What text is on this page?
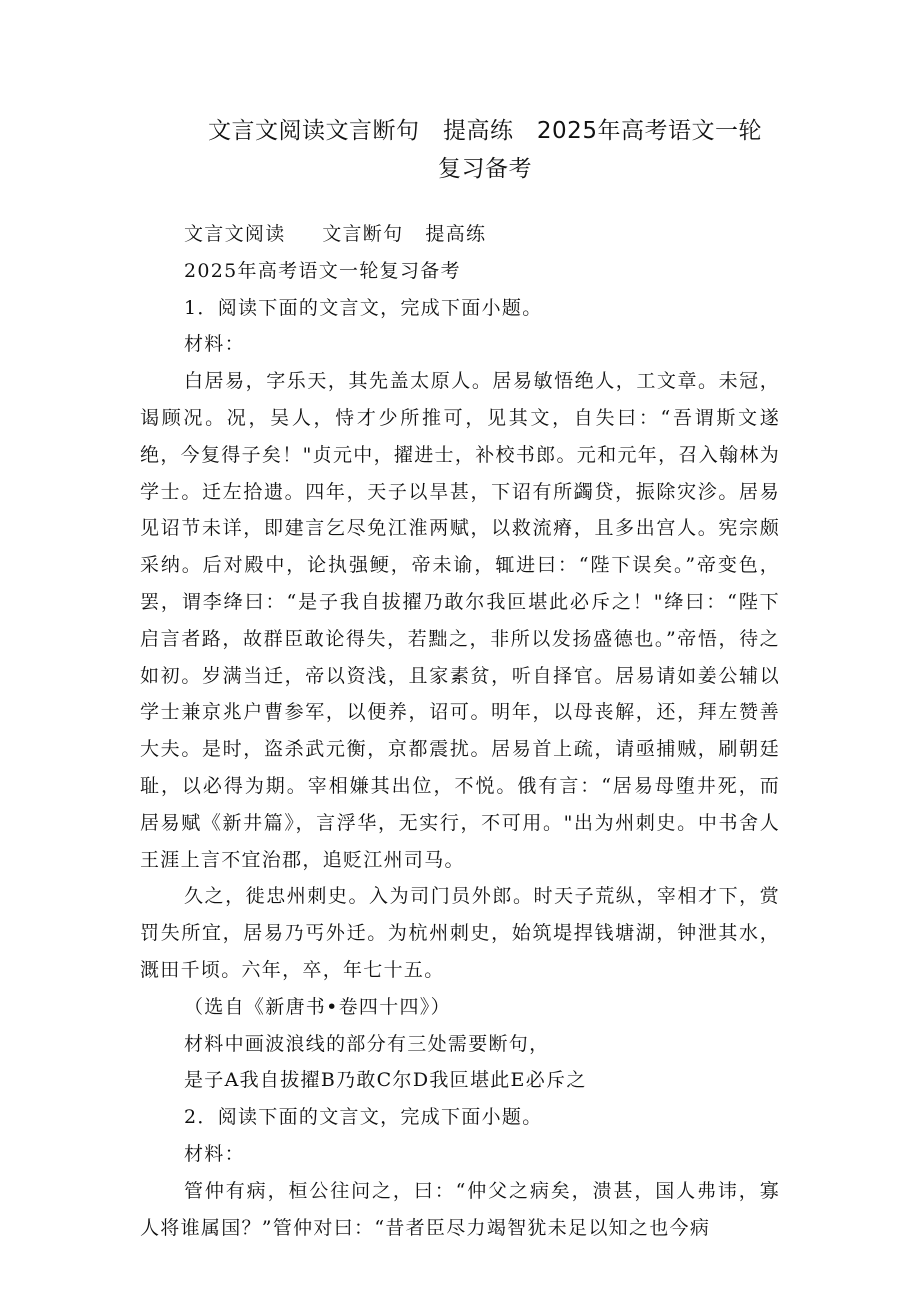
文言文阅读文言断句   提高练   2025年高考语文一轮
复习备考

文言文阅读     文言断句   提高练

2025年高考语文一轮复习备考

1．阅读下面的文言文，完成下面小题。

材料：

白居易，字乐天，其先盖太原人。居易敏悟绝人，工文章。未冠，谒顾况。况，吴人，恃才少所推可，见其文，自失曰：“吾谓斯文遂绝，今复得子矣！"贞元中，擢进士，补校书郎。元和元年，召入翰林为学士。迁左拾遗。四年，天子以旱甚，下诏有所蠲贷，振除灾沴。居易见诏节未详，即建言乞尽免江淮两赋，以救流瘠，且多出宫人。宪宗颇采纳。后对殿中，论执强鲠，帝未谕，辄进曰：“陛下误矣。”帝变色，罢，谓李绛曰：“是子我自拔擢乃敢尔我叵堪此必斥之！"绛曰：“陛下启言者路，故群臣敢论得失，若黜之，非所以发扬盛德也。”帝悟，待之如初。岁满当迁，帝以资浅，且家素贫，听自择官。居易请如姜公辅以学士兼京兆户曹参军，以便养，诏可。明年，以母丧解，还，拜左赞善大夫。是时，盗杀武元衡，京都震扰。居易首上疏，请亟捕贼，刷朝廷耻，以必得为期。宰相嫌其出位，不悦。俄有言：“居易母堕井死，而居易赋《新井篇》，言浮华，无实行，不可用。"出为州刺史。中书舍人王涯上言不宜治郡，追贬江州司马。

久之，徙忠州刺史。入为司门员外郎。时天子荒纵，宰相才下，赏罚失所宜，居易乃丐外迁。为杭州刺史，始筑堤捍钱塘湖，钟泄其水，溉田千顷。六年，卒，年七十五。

（选自《新唐书•卷四十四》）

材料中画波浪线的部分有三处需要断句，

是子A我自拔擢B乃敢C尔D我叵堪此E必斥之

2．阅读下面的文言文，完成下面小题。

材料：

管仲有病，桓公往问之，曰：“仲父之病矣，溃甚，国人弗讳，寡人将谁属国？”管仲对曰：“昔者臣尽力竭智犹未足以知之也今病
